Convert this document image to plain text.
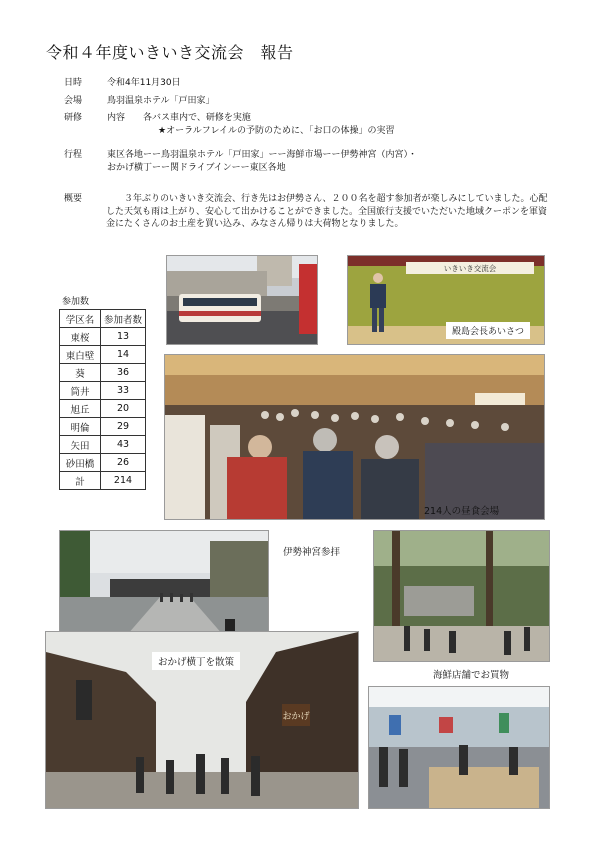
令和４年度いきいき交流会　報告
日時	令和4年11月30日
会場	鳥羽温泉ホテル「戸田家」
研修	内容　　各バス車内で、研修を実施
★オーラルフレイルの予防のために、「お口の体操」の実習
行程	東区各地ーー鳥羽温泉ホテル「戸田家」ーー海鮮市場ーー伊勢神宮（内宮）・
おかげ横丁ーー関ドライブインーー東区各地
概要	３年ぶりのいきいき交流会、行き先はお伊勢さん、２００名を超す参加者が楽しみにしていました。心配した天気も雨は上がり、安心して出かけることができました。全国旅行支援でいただいた地域クーポンを軍資金にたくさんのお土産を買い込み、みなさん帰りは大荷物となりました。
参加数
学区名	参加者数
東桜	13
東白壁	14
葵	36
筒井	33
旭丘	20
明倫	29
矢田	43
砂田橋	26
計	214
いきいき交流会
殿島会長あいさつ
214人の昼食会場
伊勢神宮参拝
おかげ
おかげ横丁を散策
海鮮店舗でお買物
